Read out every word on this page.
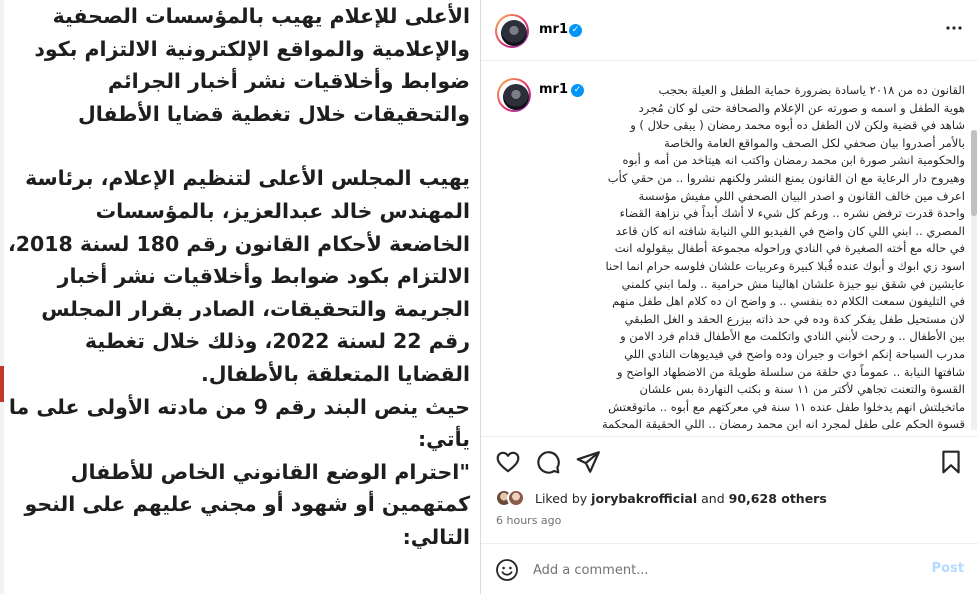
الأعلى للإعلام يهيب بالمؤسسات الصحفية
والإعلامية والمواقع الإلكترونية الالتزام بكود
ضوابط وأخلاقيات نشر أخبار الجرائم
والتحقيقات خلال تغطية قضايا الأطفال
يهيب المجلس الأعلى لتنظيم الإعلام، برئاسة
المهندس خالد عبدالعزيز، بالمؤسسات
الخاضعة لأحكام القانون رقم 180 لسنة 2018،
الالتزام بكود ضوابط وأخلاقيات نشر أخبار
الجريمة والتحقيقات، الصادر بقرار المجلس
رقم 22 لسنة 2022، وذلك خلال تغطية
القضايا المتعلقة بالأطفال.
حيث ينص البند رقم 9 من مادته الأولى على ما
يأتي:
"احترام الوضع القانوني الخاص للأطفال
كمتهمين أو شهود أو مجني عليهم على النحو
التالي:
mr1 ✓
القانون ده من ٢٠١٨ ياسادة بضرورة حماية الطفل و العيلة بحجب
هوية الطفل و اسمه و صورته عن الإعلام والصحافة حتى لو كان مُجرد
شاهد في قضية ولكن لان الطفل ده أبوه محمد رمضان ( يبقى حلال ) و
بالأمر أصدروا بيان صحفي لكل الصحف والمواقع العامة والخاصة
والحكومية انشر صورة ابن محمد رمضان واكتب انه هيتاخد من أمه و أبوه
وهيروح دار الرعاية مع ان القانون يمنع النشر ولكنهم نشروا .. من حقي كأب
اعرف مين خالف القانون و اصدر البيان الصحفي اللي مفيش مؤسسة
واحدة قدرت ترفض نشره .. ورغم كل شيء لا أشك أبداً في نزاهة القضاء
المصري .. ابني اللي كان واضح في الفيديو اللي النيابة شافته انه كان قاعد
في حاله مع أخته الصغيرة في النادي وراحوله مجموعة أطفال بيقولوله انت
اسود زي ابوك و أبوك عنده قُبلا كبيرة وعربيات علشان فلوسه حرام انما احنا
عايشين في شقق نيو جيزة علشان اهالينا مش حرامية .. ولما ابني كلمني
في التليفون سمعت الكلام ده بنفسي .. و واضح ان ده كلام اهل طفل منهم
لان مستحيل طفل يفكر كدة وده في حد ذاته بيزرع الحقد و الغل الطبقي
بين الأطفال .. و رحت لأبني النادي واتكلمت مع الأطفال قدام فرد الامن و
مدرب السباحة إنكم اخوات و جيران وده واضح في فيديوهات النادي اللي
شافتها النيابة .. عموماً دي حلقة من سلسلة طويلة من الاضطهاد الواضح و
القسوة والتعنت تجاهي لأكتر من ١١ سنة و بكتب النهاردة بس علشان
ماتخيلتش انهم يدخلوا طفل عنده ١١ سنة في معركتهم مع أبوه .. ماتوقعتش
قسوة الحكم على طفل لمجرد انه ابن محمد رمضان .. اللي الحقيقة المحكمة
mr1 ✓
Liked by jorybakrofficial and 90,628 others
6 hours ago
Add a comment...
Post
